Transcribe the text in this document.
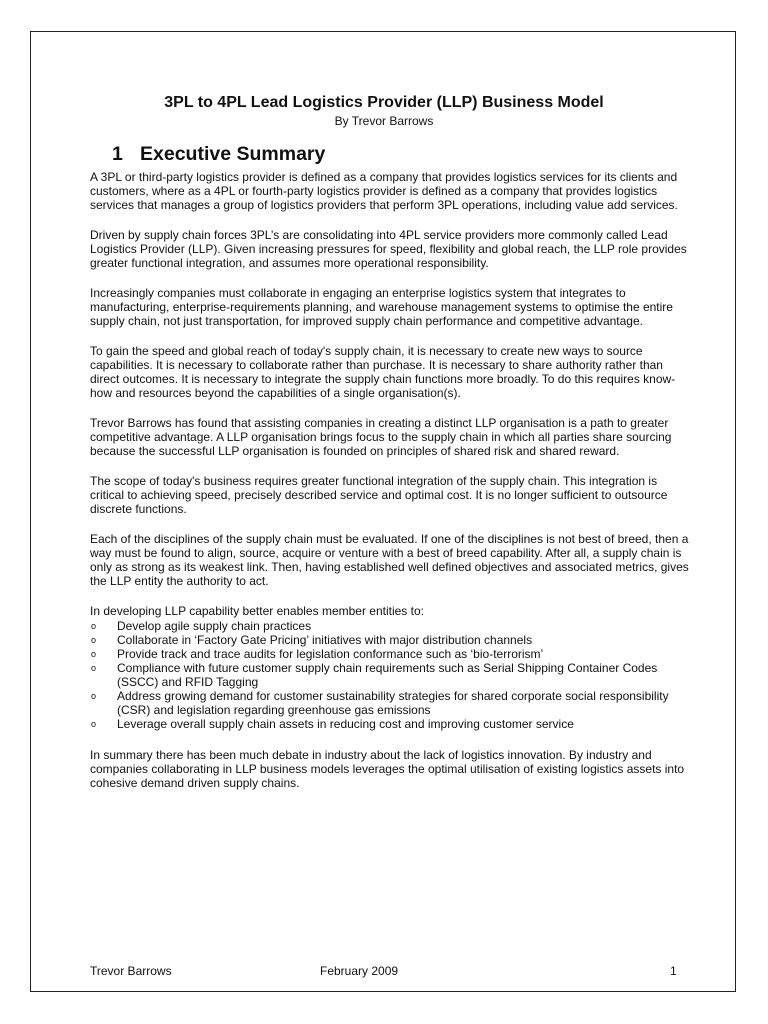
3PL to 4PL Lead Logistics Provider (LLP) Business Model
By Trevor Barrows
1 Executive Summary

A 3PL or third-party logistics provider is defined as a company that provides logistics services for its clients and customers, where as a 4PL or fourth-party logistics provider is defined as a company that provides logistics services that manages a group of logistics providers that perform 3PL operations, including value add services.

Driven by supply chain forces 3PL’s are consolidating into 4PL service providers more commonly called Lead Logistics Provider (LLP). Given increasing pressures for speed, flexibility and global reach, the LLP role provides greater functional integration, and assumes more operational responsibility.

Increasingly companies must collaborate in engaging an enterprise logistics system that integrates to manufacturing, enterprise-requirements planning, and warehouse management systems to optimise the entire supply chain, not just transportation, for improved supply chain performance and competitive advantage.

To gain the speed and global reach of today's supply chain, it is necessary to create new ways to source capabilities. It is necessary to collaborate rather than purchase. It is necessary to share authority rather than direct outcomes. It is necessary to integrate the supply chain functions more broadly. To do this requires know-how and resources beyond the capabilities of a single organisation(s).

Trevor Barrows has found that assisting companies in creating a distinct LLP organisation is a path to greater competitive advantage. A LLP organisation brings focus to the supply chain in which all parties share sourcing because the successful LLP organisation is founded on principles of shared risk and shared reward.

The scope of today's business requires greater functional integration of the supply chain. This integration is critical to achieving speed, precisely described service and optimal cost. It is no longer sufficient to outsource discrete functions.

Each of the disciplines of the supply chain must be evaluated. If one of the disciplines is not best of breed, then a way must be found to align, source, acquire or venture with a best of breed capability. After all, a supply chain is only as strong as its weakest link. Then, having established well defined objectives and associated metrics, gives the LLP entity the authority to act.

In developing LLP capability better enables member entities to:

o	Develop agile supply chain practices
o	Collaborate in ‘Factory Gate Pricing’ initiatives with major distribution channels
o	Provide track and trace audits for legislation conformance such as ‘bio-terrorism’
o	Compliance with future customer supply chain requirements such as Serial Shipping Container Codes (SSCC) and RFID Tagging
o	Address growing demand for customer sustainability strategies for shared corporate social responsibility (CSR) and legislation regarding greenhouse gas emissions
o	Leverage overall supply chain assets in reducing cost and improving customer service

In summary there has been much debate in industry about the lack of logistics innovation. By industry and companies collaborating in LLP business models leverages the optimal utilisation of existing logistics assets into cohesive demand driven supply chains.

Trevor Barrows	February 2009	1
